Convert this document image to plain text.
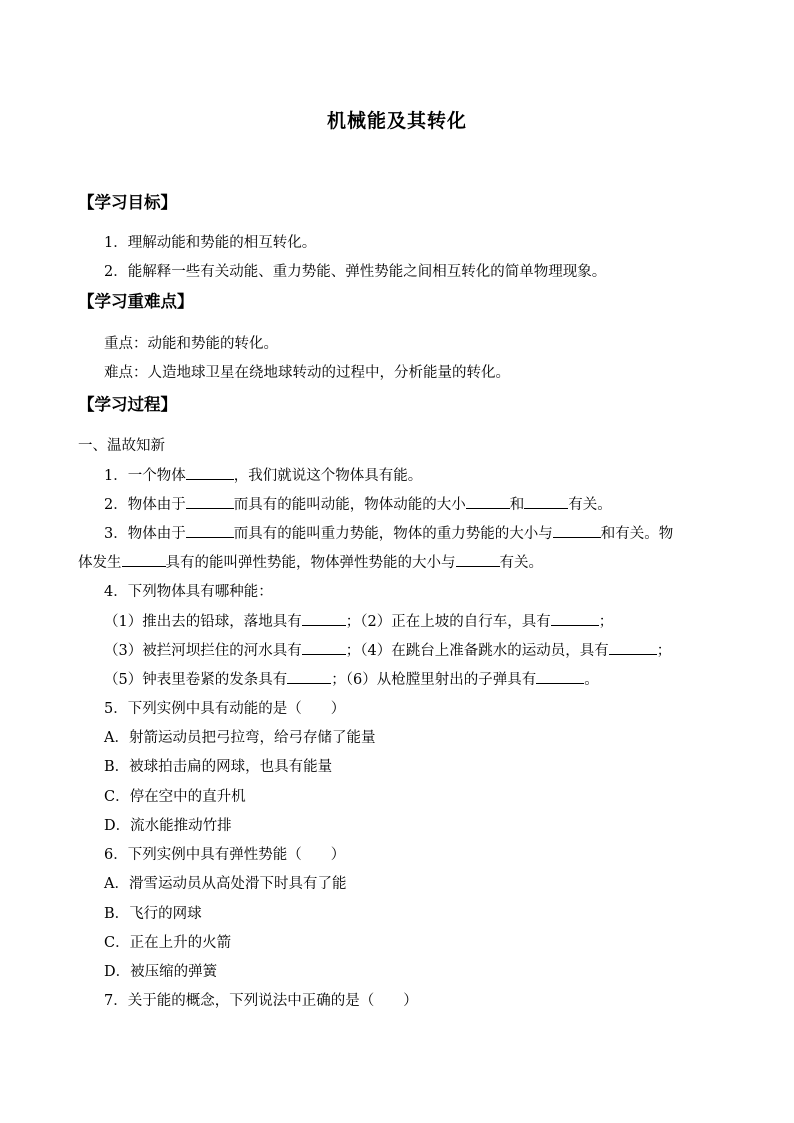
机械能及其转化
【学习目标】
1．理解动能和势能的相互转化。
2．能解释一些有关动能、重力势能、弹性势能之间相互转化的简单物理现象。
【学习重难点】
重点：动能和势能的转化。
难点：人造地球卫星在绕地球转动的过程中，分析能量的转化。
【学习过程】
一、温故知新
1．一个物体	，我们就说这个物体具有能。
2．物体由于	而具有的能叫动能，物体动能的大小	和	有关。
3．物体由于	而具有的能叫重力势能，物体的重力势能的大小与	和有关。物
体发生	具有的能叫弹性势能，物体弹性势能的大小与	有关。
4．下列物体具有哪种能：
（1）推出去的铅球，落地具有	；（2）正在上坡的自行车，具有	；
（3）被拦河坝拦住的河水具有	；（4）在跳台上准备跳水的运动员，具有	；
（5）钟表里卷紧的发条具有	；（6）从枪膛里射出的子弹具有	。
5．下列实例中具有动能的是（　　）
A．射箭运动员把弓拉弯，给弓存储了能量
B．被球拍击扁的网球，也具有能量
C．停在空中的直升机
D．流水能推动竹排
6．下列实例中具有弹性势能（　　）
A．滑雪运动员从高处滑下时具有了能
B．飞行的网球
C．正在上升的火箭
D．被压缩的弹簧
7．关于能的概念，下列说法中正确的是（　　）
